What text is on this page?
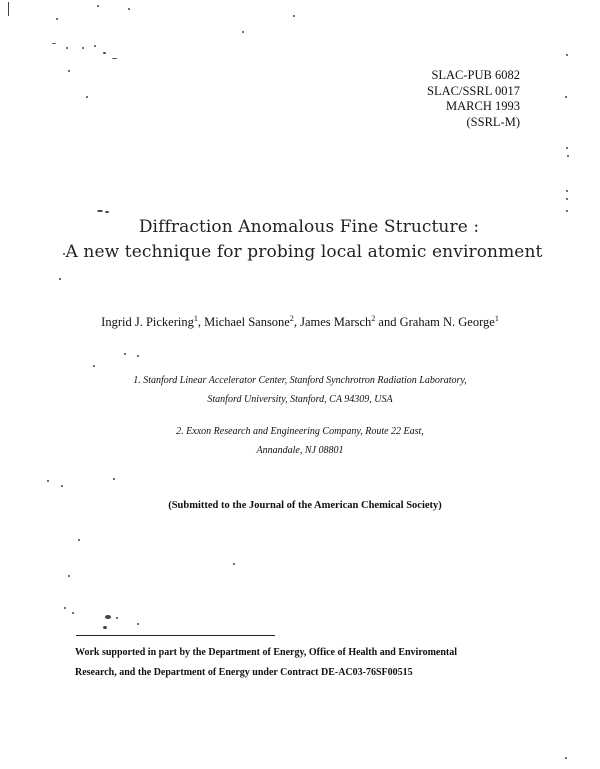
SLAC-PUB 6082
SLAC/SSRL 0017
MARCH 1993
(SSRL-M)
Diffraction Anomalous Fine Structure :
A new technique for probing local atomic environment
Ingrid J. Pickering$^1$, Michael Sansone$^2$, James Marsch$^2$ and Graham N. George$^1$
1. Stanford Linear Accelerator Center, Stanford Synchrotron Radiation Laboratory,
Stanford University, Stanford, CA 94309, USA
2. Exxon Research and Engineering Company, Route 22 East,
Annandale, NJ 08801
(Submitted to the Journal of the American Chemical Society)
Work supported in part by the Department of Energy, Office of Health and Enviromental
Research, and the Department of Energy under Contract DE-AC03-76SF00515
